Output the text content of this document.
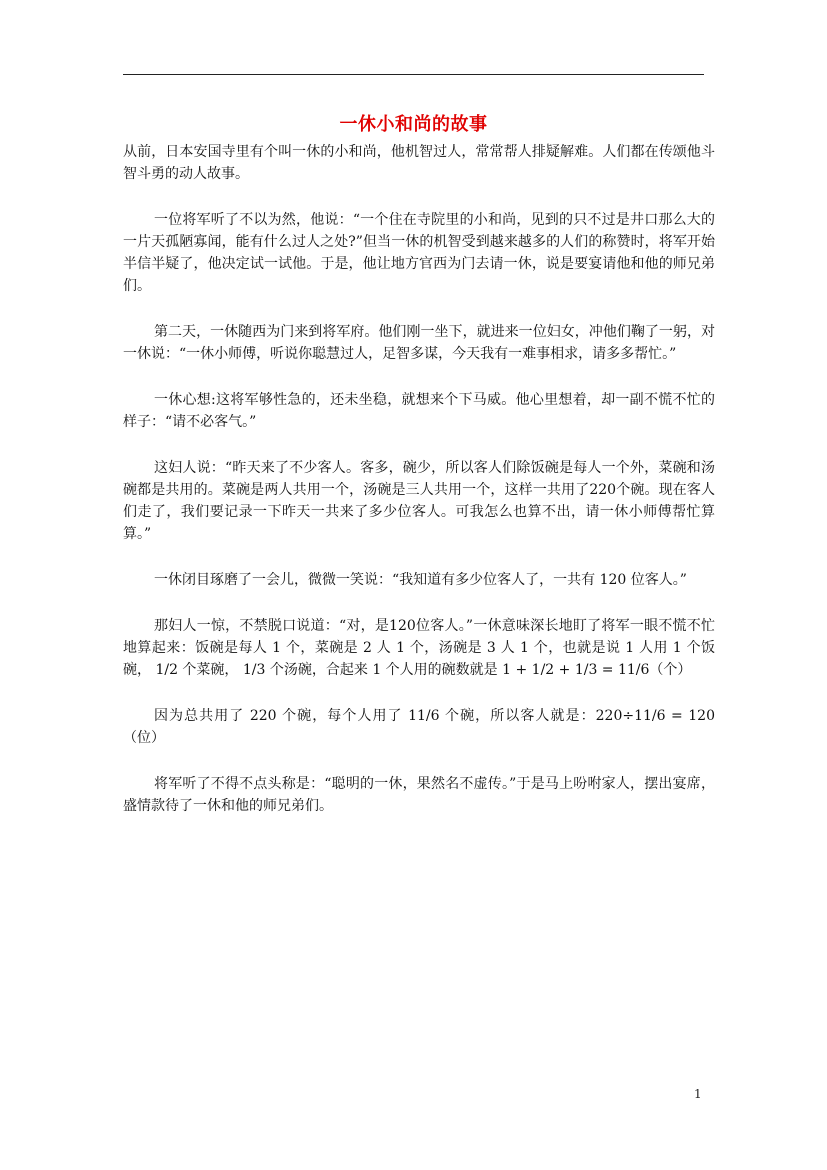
一休小和尚的故事

从前，日本安国寺里有个叫一休的小和尚，他机智过人，常常帮人排疑解难。人们都在传颂他斗智斗勇的动人故事。

一位将军听了不以为然，他说：“一个住在寺院里的小和尚，见到的只不过是井口那么大的一片天孤陋寡闻，能有什么过人之处?”但当一休的机智受到越来越多的人们的称赞时，将军开始半信半疑了，他决定试一试他。于是，他让地方官西为门去请一休，说是要宴请他和他的师兄弟们。

第二天，一休随西为门来到将军府。他们刚一坐下，就进来一位妇女，冲他们鞠了一躬，对一休说：“一休小师傅，听说你聪慧过人，足智多谋，今天我有一难事相求，请多多帮忙。”

一休心想:这将军够性急的，还未坐稳，就想来个下马威。他心里想着，却一副不慌不忙的样子：“请不必客气。”

这妇人说：“昨天来了不少客人。客多，碗少，所以客人们除饭碗是每人一个外，菜碗和汤碗都是共用的。菜碗是两人共用一个，汤碗是三人共用一个，这样一共用了220个碗。现在客人们走了，我们要记录一下昨天一共来了多少位客人。可我怎么也算不出，请一休小师傅帮忙算算。”

一休闭目琢磨了一会儿，微微一笑说：“我知道有多少位客人了，一共有 120 位客人。”

那妇人一惊，不禁脱口说道：“对，是120位客人。”一休意味深长地盯了将军一眼不慌不忙地算起来：饭碗是每人 1 个，菜碗是 2 人 1 个，汤碗是 3 人 1 个，也就是说 1 人用 1 个饭碗， 1/2 个菜碗， 1/3 个汤碗，合起来 1 个人用的碗数就是 1 + 1/2 + 1/3 = 11/6（个）

因为总共用了 220 个碗，每个人用了 11/6 个碗，所以客人就是：220÷11/6 = 120（位）

将军听了不得不点头称是：“聪明的一休，果然名不虚传。”于是马上吩咐家人，摆出宴席，盛情款待了一休和他的师兄弟们。

1
